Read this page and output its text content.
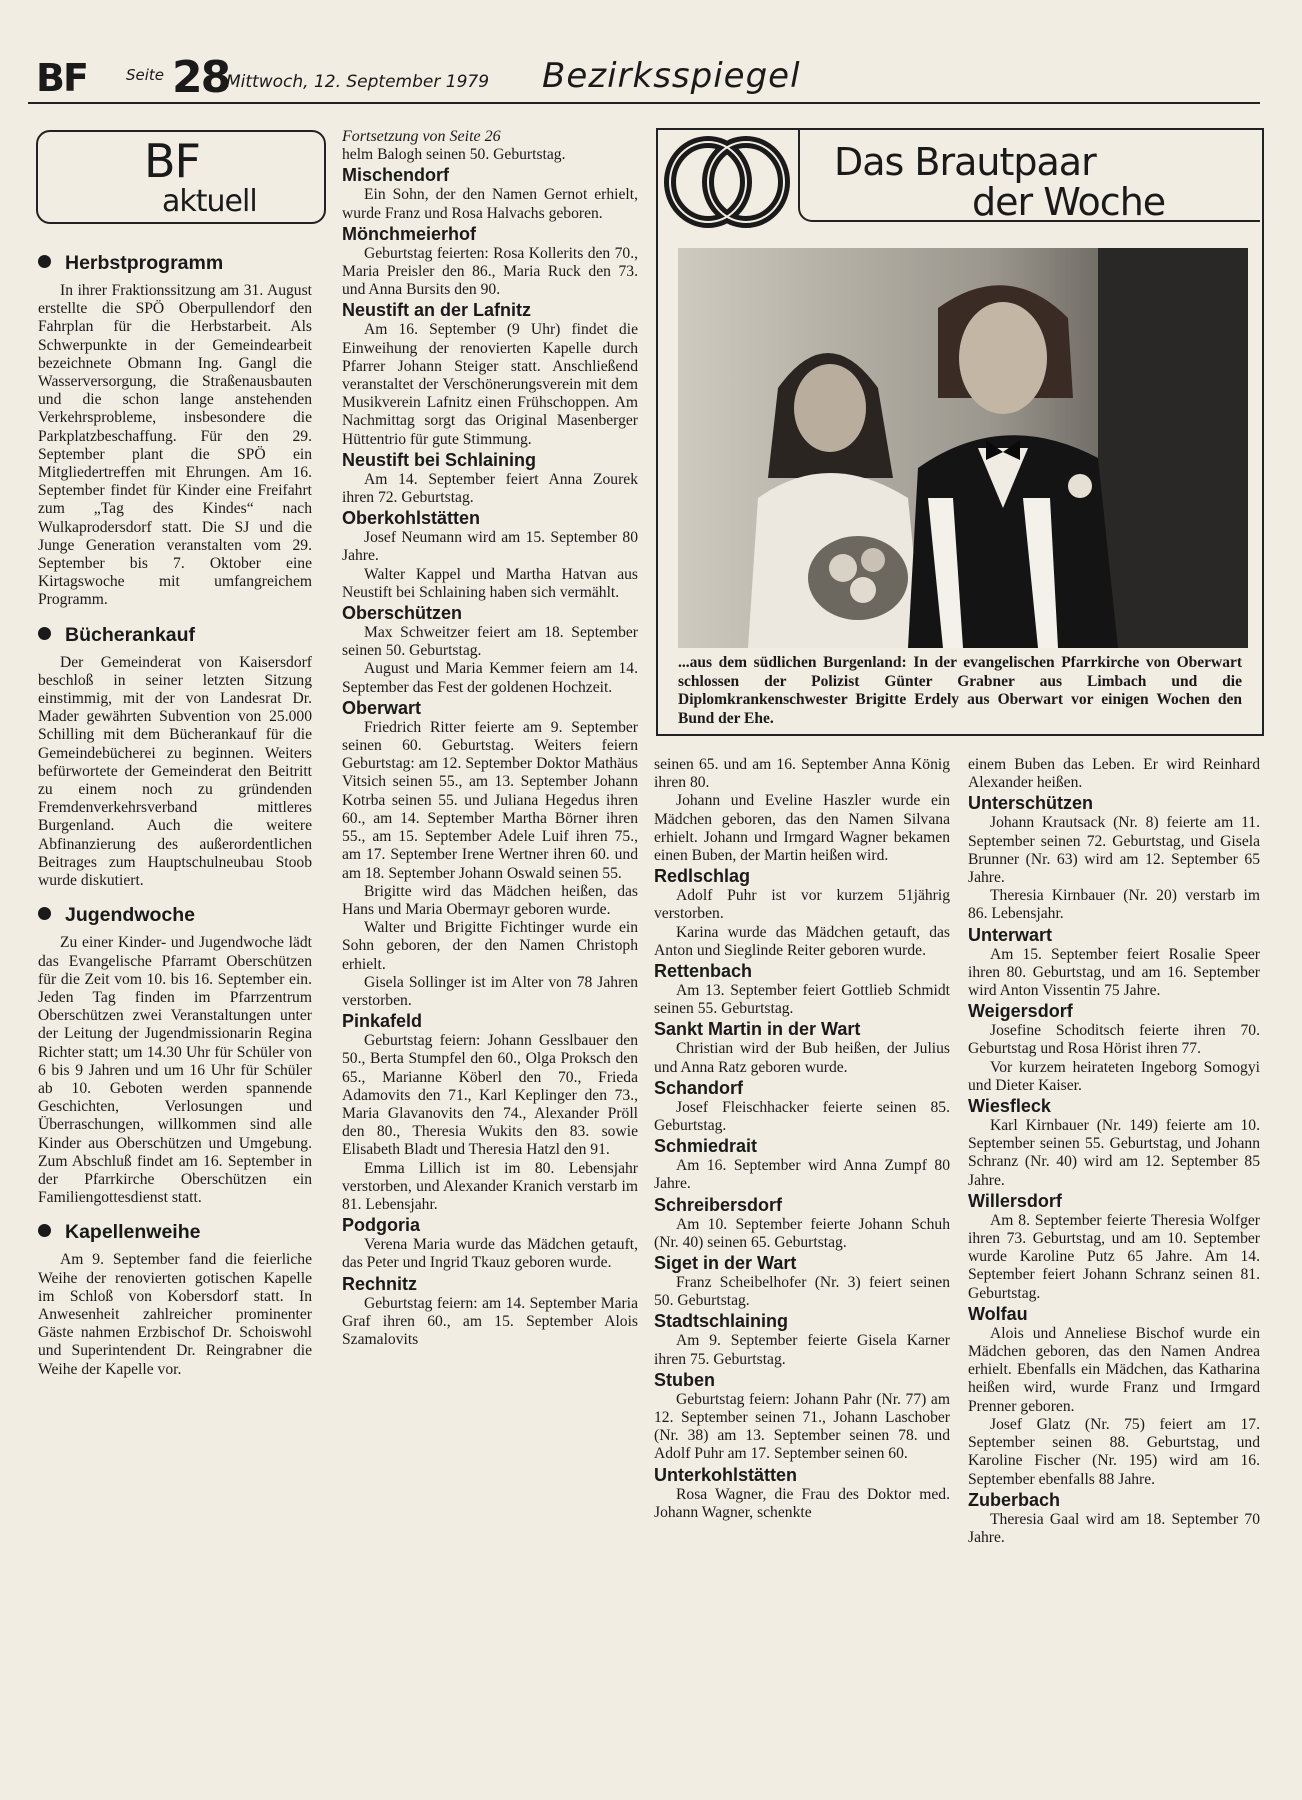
BF	Seite 28
Mittwoch, 12. September 1979 Bezirksspiegel
BF
aktuell
Herbstprogramm

In ihrer Fraktionssitzung am 31. August erstellte die SPÖ Oberpullendorf den Fahrplan für die Herbstarbeit. Als Schwerpunkte in der Gemeindearbeit bezeichnete Obmann Ing. Gangl die Wasserversorgung, die Straßenausbauten und die schon lange anstehenden Verkehrsprobleme, insbesondere die Parkplatzbeschaffung. Für den 29. September plant die SPÖ ein Mitgliedertreffen mit Ehrungen. Am 16. September findet für Kinder eine Freifahrt zum „Tag des Kindes“ nach Wulkaprodersdorf statt. Die SJ und die Junge Generation veranstalten vom 29. September bis 7. Oktober eine Kirtagswoche mit umfangreichem Programm.

Bücherankauf

Der Gemeinderat von Kaisersdorf beschloß in seiner letzten Sitzung einstimmig, mit der von Landesrat Dr. Mader gewährten Subvention von 25.000 Schilling mit dem Bücherankauf für die Gemeindebücherei zu beginnen. Weiters befürwortete der Gemeinderat den Beitritt zu einem noch zu gründenden Fremdenverkehrsverband mittleres Burgenland. Auch die weitere Abfinanzierung des außerordentlichen Beitrages zum Hauptschulneubau Stoob wurde diskutiert.

Jugendwoche

Zu einer Kinder- und Jugendwoche lädt das Evangelische Pfarramt Oberschützen für die Zeit vom 10. bis 16. September ein. Jeden Tag finden im Pfarrzentrum Oberschützen zwei Veranstaltungen unter der Leitung der Jugendmissionarin Regina Richter statt; um 14.30 Uhr für Schüler von 6 bis 9 Jahren und um 16 Uhr für Schüler ab 10. Geboten werden spannende Geschichten, Verlosungen und Überraschungen, willkommen sind alle Kinder aus Oberschützen und Umgebung. Zum Abschluß findet am 16. September in der Pfarrkirche Oberschützen ein Familiengottesdienst statt.

Kapellenweihe

Am 9. September fand die feierliche Weihe der renovierten gotischen Kapelle im Schloß von Kobersdorf statt. In Anwesenheit zahlreicher prominenter Gäste nahmen Erzbischof Dr. Schoiswohl und Superintendent Dr. Reingrabner die Weihe der Kapelle vor.

Fortsetzung von Seite 26

helm Balogh seinen 50. Geburtstag.

Mischendorf

Ein Sohn, der den Namen Gernot erhielt, wurde Franz und Rosa Halvachs geboren.

Mönchmeierhof

Geburtstag feierten: Rosa Kollerits den 70., Maria Preisler den 86., Maria Ruck den 73. und Anna Bursits den 90.

Neustift an der Lafnitz

Am 16. September (9 Uhr) findet die Einweihung der renovierten Kapelle durch Pfarrer Johann Steiger statt. Anschließend veranstaltet der Verschönerungsverein mit dem Musikverein Lafnitz einen Frühschoppen. Am Nachmittag sorgt das Original Masenberger Hüttentrio für gute Stimmung.

Neustift bei Schlaining

Am 14. September feiert Anna Zourek ihren 72. Geburtstag.

Oberkohlstätten

Josef Neumann wird am 15. September 80 Jahre.

Walter Kappel und Martha Hatvan aus Neustift bei Schlaining haben sich vermählt.

Oberschützen

Max Schweitzer feiert am 18. September seinen 50. Geburtstag.

August und Maria Kemmer feiern am 14. September das Fest der goldenen Hochzeit.

Oberwart

Friedrich Ritter feierte am 9. September seinen 60. Geburtstag. Weiters feiern Geburtstag: am 12. September Doktor Mathäus Vitsich seinen 55., am 13. September Johann Kotrba seinen 55. und Juliana Hegedus ihren 60., am 14. September Martha Börner ihren 55., am 15. September Adele Luif ihren 75., am 17. September Irene Wertner ihren 60. und am 18. September Johann Oswald seinen 55.

Brigitte wird das Mädchen heißen, das Hans und Maria Obermayr geboren wurde.

Walter und Brigitte Fichtinger wurde ein Sohn geboren, der den Namen Christoph erhielt.

Gisela Sollinger ist im Alter von 78 Jahren verstorben.

Pinkafeld

Geburtstag feiern: Johann Gesslbauer den 50., Berta Stumpfel den 60., Olga Proksch den 65., Marianne Köberl den 70., Frieda Adamovits den 71., Karl Keplinger den 73., Maria Glavanovits den 74., Alexander Pröll den 80., Theresia Wukits den 83. sowie Elisabeth Bladt und Theresia Hatzl den 91.

Emma Lillich ist im 80. Lebensjahr verstorben, und Alexander Kranich verstarb im 81. Lebensjahr.

Podgoria

Verena Maria wurde das Mädchen getauft, das Peter und Ingrid Tkauz geboren wurde.

Rechnitz

Geburtstag feiern: am 14. September Maria Graf ihren 60., am 15. September Alois Szamalovits

Das Brautpaar
der Woche
...aus dem südlichen Burgenland: In der evangelischen Pfarrkirche von Oberwart schlossen der Polizist Günter Grabner aus Limbach und die Diplomkrankenschwester Brigitte Erdely aus Oberwart vor einigen Wochen den Bund der Ehe.

seinen 65. und am 16. September Anna König ihren 80.

Johann und Eveline Haszler wurde ein Mädchen geboren, das den Namen Silvana erhielt. Johann und Irmgard Wagner bekamen einen Buben, der Martin heißen wird.

Redlschlag

Adolf Puhr ist vor kurzem 51jährig verstorben.

Karina wurde das Mädchen getauft, das Anton und Sieglinde Reiter geboren wurde.

Rettenbach

Am 13. September feiert Gottlieb Schmidt seinen 55. Geburtstag.

Sankt Martin in der Wart

Christian wird der Bub heißen, der Julius und Anna Ratz geboren wurde.

Schandorf

Josef Fleischhacker feierte seinen 85. Geburtstag.

Schmiedrait

Am 16. September wird Anna Zumpf 80 Jahre.

Schreibersdorf

Am 10. September feierte Johann Schuh (Nr. 40) seinen 65. Geburtstag.

Siget in der Wart

Franz Scheibelhofer (Nr. 3) feiert seinen 50. Geburtstag.

Stadtschlaining

Am 9. September feierte Gisela Karner ihren 75. Geburtstag.

Stuben

Geburtstag feiern: Johann Pahr (Nr. 77) am 12. September seinen 71., Johann Laschober (Nr. 38) am 13. September seinen 78. und Adolf Puhr am 17. September seinen 60.

Unterkohlstätten

Rosa Wagner, die Frau des Doktor med. Johann Wagner, schenkte

einem Buben das Leben. Er wird Reinhard Alexander heißen.

Unterschützen

Johann Krautsack (Nr. 8) feierte am 11. September seinen 72. Geburtstag, und Gisela Brunner (Nr. 63) wird am 12. September 65 Jahre.

Theresia Kirnbauer (Nr. 20) verstarb im 86. Lebensjahr.

Unterwart

Am 15. September feiert Rosalie Speer ihren 80. Geburtstag, und am 16. September wird Anton Vissentin 75 Jahre.

Weigersdorf

Josefine Schoditsch feierte ihren 70. Geburtstag und Rosa Hörist ihren 77.

Vor kurzem heirateten Ingeborg Somogyi und Dieter Kaiser.

Wiesfleck

Karl Kirnbauer (Nr. 149) feierte am 10. September seinen 55. Geburtstag, und Johann Schranz (Nr. 40) wird am 12. September 85 Jahre.

Willersdorf

Am 8. September feierte Theresia Wolfger ihren 73. Geburtstag, und am 10. September wurde Karoline Putz 65 Jahre. Am 14. September feiert Johann Schranz seinen 81. Geburtstag.

Wolfau

Alois und Anneliese Bischof wurde ein Mädchen geboren, das den Namen Andrea erhielt. Ebenfalls ein Mädchen, das Katharina heißen wird, wurde Franz und Irmgard Prenner geboren.

Josef Glatz (Nr. 75) feiert am 17. September seinen 88. Geburtstag, und Karoline Fischer (Nr. 195) wird am 16. September ebenfalls 88 Jahre.

Zuberbach

Theresia Gaal wird am 18. September 70 Jahre.
